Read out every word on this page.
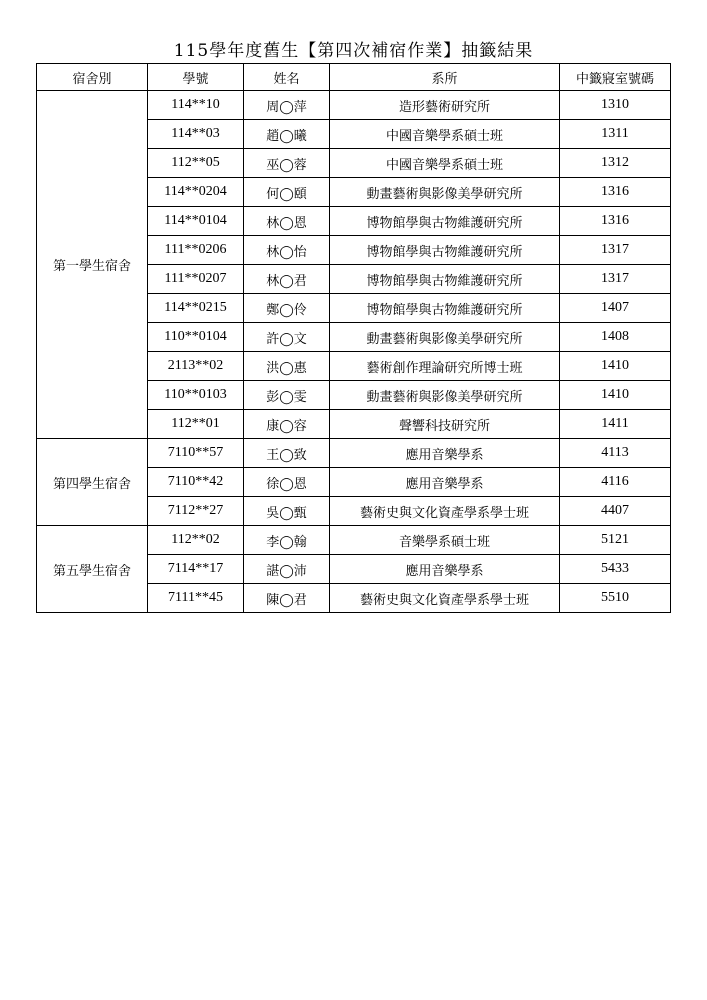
115學年度舊生【第四次補宿作業】抽籤結果
宿舍別	學號	姓名	系所	中籤寢室號碼
第一學生宿舍	114**10	周◯萍	造形藝術研究所	1310
	114**03	趙◯曦	中國音樂學系碩士班	1311
	112**05	巫◯蓉	中國音樂學系碩士班	1312
	114**0204	何◯頤	動畫藝術與影像美學研究所	1316
	114**0104	林◯恩	博物館學與古物維護研究所	1316
	111**0206	林◯怡	博物館學與古物維護研究所	1317
	111**0207	林◯君	博物館學與古物維護研究所	1317
	114**0215	鄭◯伶	博物館學與古物維護研究所	1407
	110**0104	許◯文	動畫藝術與影像美學研究所	1408
	2113**02	洪◯惠	藝術創作理論研究所博士班	1410
	110**0103	彭◯雯	動畫藝術與影像美學研究所	1410
	112**01	康◯容	聲響科技研究所	1411
第四學生宿舍	7110**57	王◯致	應用音樂學系	4113
	7110**42	徐◯恩	應用音樂學系	4116
	7112**27	吳◯甄	藝術史與文化資產學系學士班	4407
第五學生宿舍	112**02	李◯翰	音樂學系碩士班	5121
	7114**17	諶◯沛	應用音樂學系	5433
	7111**45	陳◯君	藝術史與文化資產學系學士班	5510
